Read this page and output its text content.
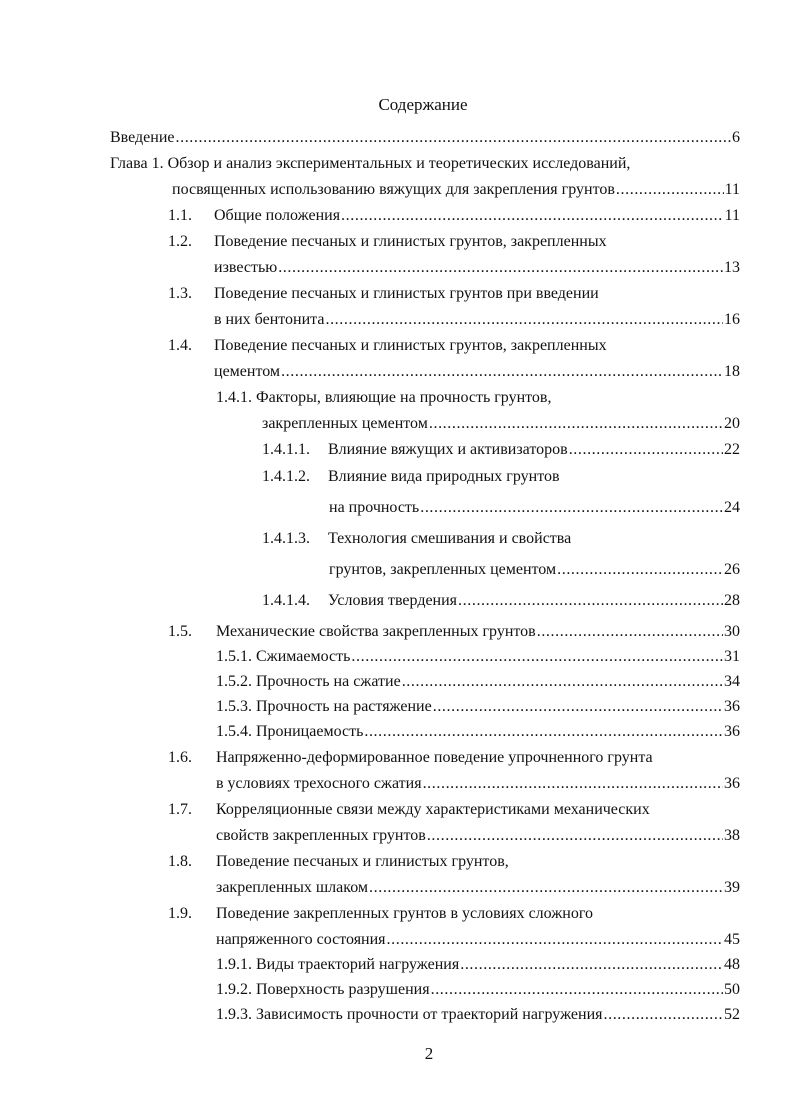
Содержание
Введение .....	6
Глава 1. Обзор и анализ экспериментальных и теоретических исследований,
посвященных использованию вяжущих для закрепления грунтов .....	11
1.1.	Общие положения .....	11
1.2.	Поведение песчаных и глинистых грунтов, закрепленных
известью .....	13
1.3.	Поведение песчаных и глинистых грунтов при введении
в них бентонита .....	16
1.4.	Поведение песчаных и глинистых грунтов, закрепленных
цементом .....	18
1.4.1. Факторы, влияющие на прочность грунтов,
закрепленных цементом .....	20
1.4.1.1.	Влияние вяжущих и активизаторов .....	22
1.4.1.2.	Влияние вида природных грунтов
на прочность .....	24
1.4.1.3.	Технология смешивания и свойства
грунтов, закрепленных цементом .....	26
1.4.1.4.	Условия твердения .....	28
1.5.	Механические свойства закрепленных грунтов .....	30
1.5.1. Сжимаемость .....	31
1.5.2. Прочность на сжатие .....	34
1.5.3. Прочность на растяжение .....	36
1.5.4. Проницаемость .....	36
1.6.	Напряженно-деформированное поведение упрочненного грунта
в условиях трехосного сжатия .....	36
1.7.	Корреляционные связи между характеристиками механических
свойств закрепленных грунтов .....	38
1.8.	Поведение песчаных и глинистых грунтов,
закрепленных шлаком .....	39
1.9.	Поведение закрепленных грунтов в условиях сложного
напряженного состояния .....	45
1.9.1. Виды траекторий нагружения .....	48
1.9.2. Поверхность разрушения .....	50
1.9.3. Зависимость прочности от траекторий нагружения .....	52
2
